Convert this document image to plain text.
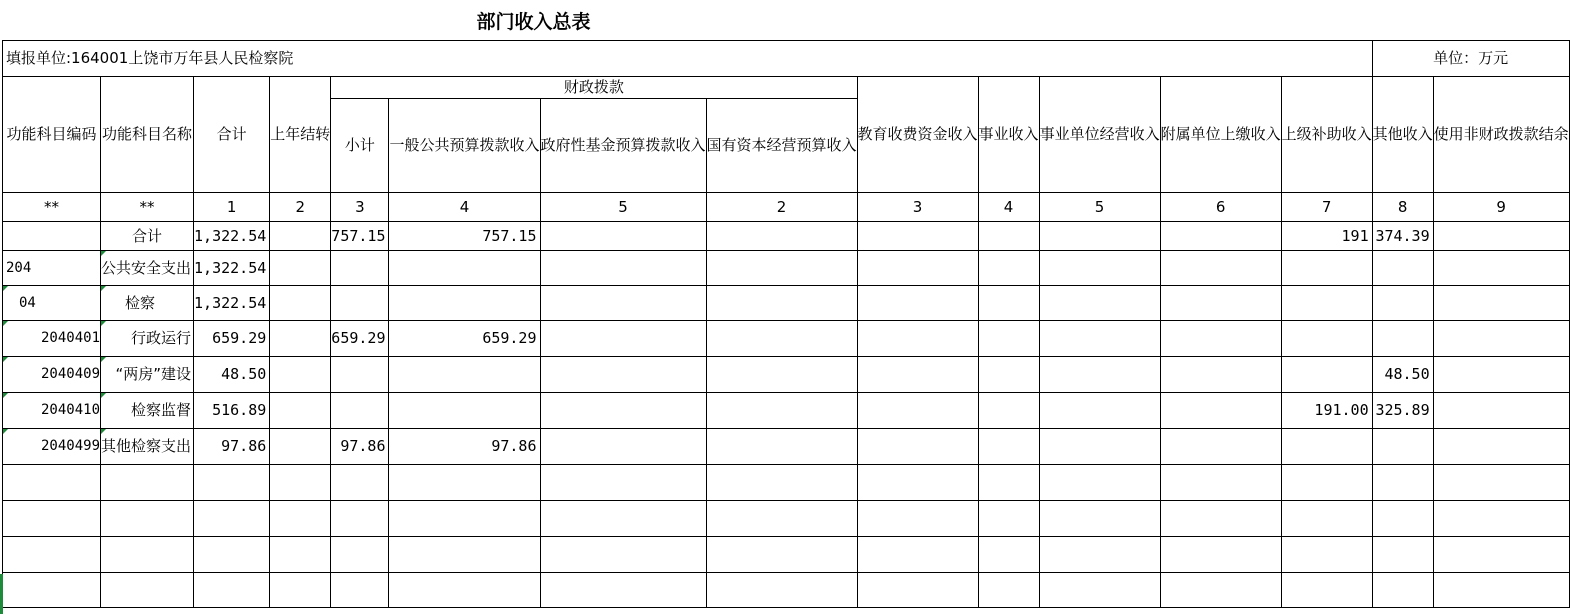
部门收入总表
填报单位:164001上饶市万年县人民检察院													单位：万元	
功能科目编码	功能科目名称	合计	上年结转	财政拨款				教育收费资金收入	事业收入	事业单位经营收入	附属单位上缴收入	上级补助收入	其他收入	使用非财政拨款结余
				小计	一般公共预算拨款收入	政府性基金预算拨款收入	国有资本经营预算收入							
**	**	1	2	3	4	5	2	3	4	5	6	7	8	9
	合计	1,322.54		757.15	757.15							191	374.39	
204	公共安全支出	1,322.54												
04	检察	1,322.54												
2040401	行政运行	659.29		659.29	659.29									
2040409	“两房”建设	48.50											48.50	
2040410	检察监督	516.89										191.00	325.89	
2040499	其他检察支出	97.86		97.86	97.86									
